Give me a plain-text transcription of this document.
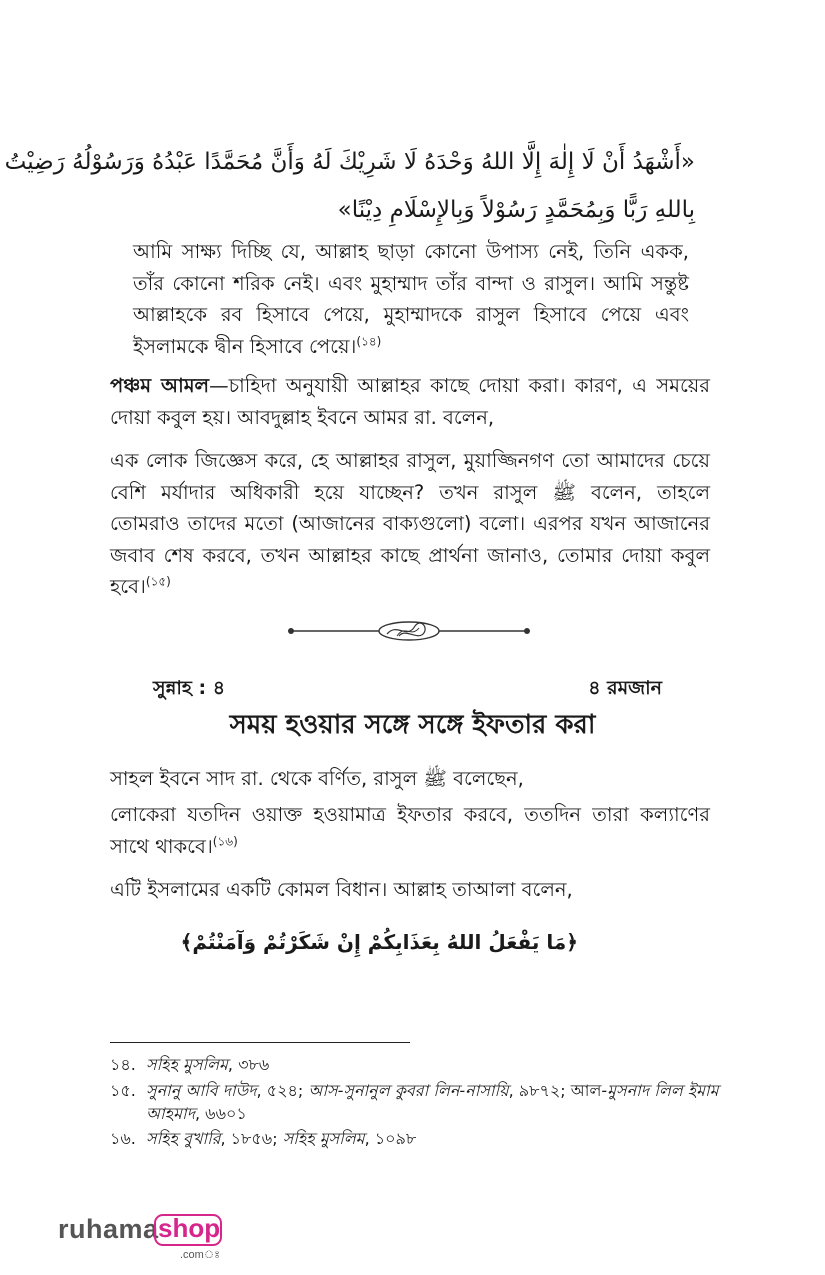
«أَشْهَدُ أَنْ لَا إِلٰهَ إِلَّا اللهُ وَحْدَهُ لَا شَرِيْكَ لَهُ وَأَنَّ مُحَمَّدًا عَبْدُهُ وَرَسُوْلُهُ رَضِيْتُ
بِاللهِ رَبًّا وَبِمُحَمَّدٍ رَسُوْلاً وَبِالإِسْلَامِ دِيْنًا»
আমি সাক্ষ্য দিচ্ছি যে, আল্লাহ ছাড়া কোনো উপাস্য নেই, তিনি একক,
তাঁর কোনো শরিক নেই। এবং মুহাম্মাদ তাঁর বান্দা ও রাসুল। আমি সন্তুষ্ট
আল্লাহকে রব হিসাবে পেয়ে, মুহাম্মাদকে রাসুল হিসাবে পেয়ে এবং
ইসলামকে দ্বীন হিসাবে পেয়ে।$^{(১৪)}$
পঞ্চম আমল—চাহিদা অনুযায়ী আল্লাহর কাছে দোয়া করা। কারণ, এ সময়ের
দোয়া কবুল হয়। আবদুল্লাহ ইবনে আমর রা. বলেন,
এক লোক জিজ্ঞেস করে, হে আল্লাহর রাসুল, মুয়াজ্জিনগণ তো আমাদের চেয়ে
বেশি মর্যাদার অধিকারী হয়ে যাচ্ছেন? তখন রাসুল ﷺ বলেন, তাহলে
তোমরাও তাদের মতো (আজানের বাক্যগুলো) বলো। এরপর যখন আজানের
জবাব শেষ করবে, তখন আল্লাহর কাছে প্রার্থনা জানাও, তোমার দোয়া কবুল
হবে।$^{(১৫)}$
সুন্নাহ : ৪	৪ রমজান
সময় হওয়ার সঙ্গে সঙ্গে ইফতার করা
সাহল ইবনে সাদ রা. থেকে বর্ণিত, রাসুল ﷺ বলেছেন,
লোকেরা যতদিন ওয়াক্ত হওয়ামাত্র ইফতার করবে, ততদিন তারা কল্যাণের
সাথে থাকবে।$^{(১৬)}$
এটি ইসলামের একটি কোমল বিধান। আল্লাহ তাআলা বলেন,
﴿مَا يَفْعَلُ اللهُ بِعَذَابِكُمْ إِنْ شَكَرْتُمْ وَآمَنْتُمْ﴾
১৪. সহিহ মুসলিম, ৩৮৬
১৫. সুনানু আবি দাউদ, ৫২৪; আস-সুনানুল কুবরা লিন-নাসায়ি, ৯৮৭২; আল-মুসনাদ লিল ইমাম
আহমাদ, ৬৬০১
১৬. সহিহ বুখারি, ১৮৫৬; সহিহ মুসলিম, ১০৯৮
ruhama shop
.comঃ
